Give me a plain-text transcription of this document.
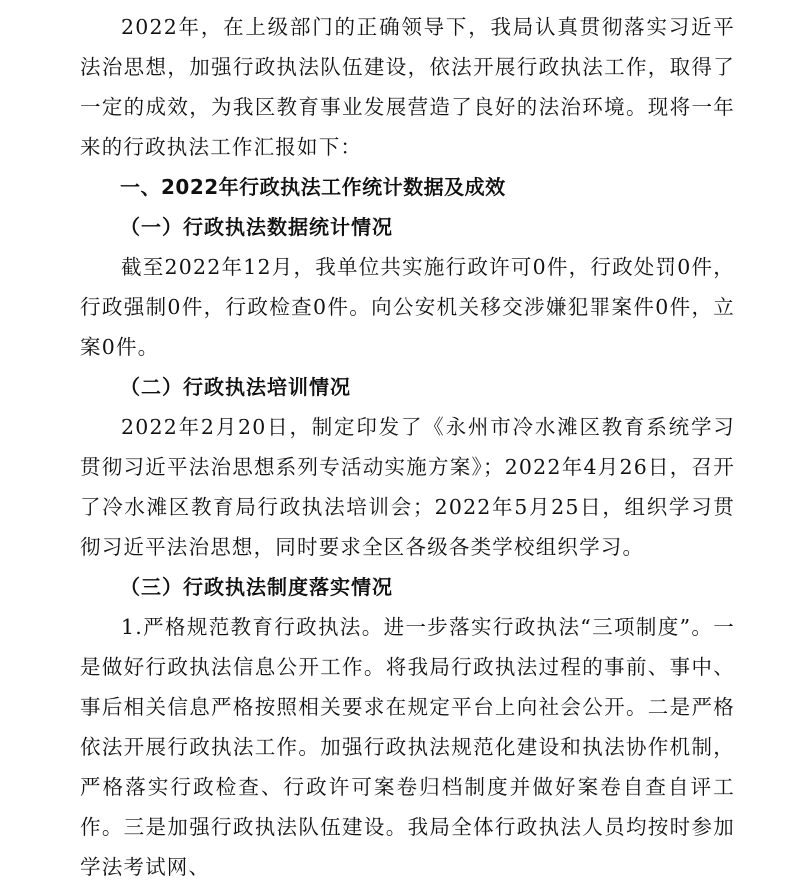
2022年，在上级部门的正确领导下，我局认真贯彻落实习近平法治思想，加强行政执法队伍建设，依法开展行政执法工作，取得了一定的成效，为我区教育事业发展营造了良好的法治环境。现将一年来的行政执法工作汇报如下：

一、2022年行政执法工作统计数据及成效

（一）行政执法数据统计情况

截至2022年12月，我单位共实施行政许可0件，行政处罚0件，行政强制0件，行政检查0件。向公安机关移交涉嫌犯罪案件0件，立案0件。

（二）行政执法培训情况

2022年2月20日，制定印发了《永州市冷水滩区教育系统学习贯彻习近平法治思想系列专活动实施方案》；2022年4月26日，召开了冷水滩区教育局行政执法培训会；2022年5月25日，组织学习贯彻习近平法治思想，同时要求全区各级各类学校组织学习。

（三）行政执法制度落实情况

1.严格规范教育行政执法。进一步落实行政执法“三项制度”。一是做好行政执法信息公开工作。将我局行政执法过程的事前、事中、事后相关信息严格按照相关要求在规定平台上向社会公开。二是严格依法开展行政执法工作。加强行政执法规范化建设和执法协作机制，严格落实行政检查、行政许可案卷归档制度并做好案卷自查自评工作。三是加强行政执法队伍建设。我局全体行政执法人员均按时参加学法考试网、
